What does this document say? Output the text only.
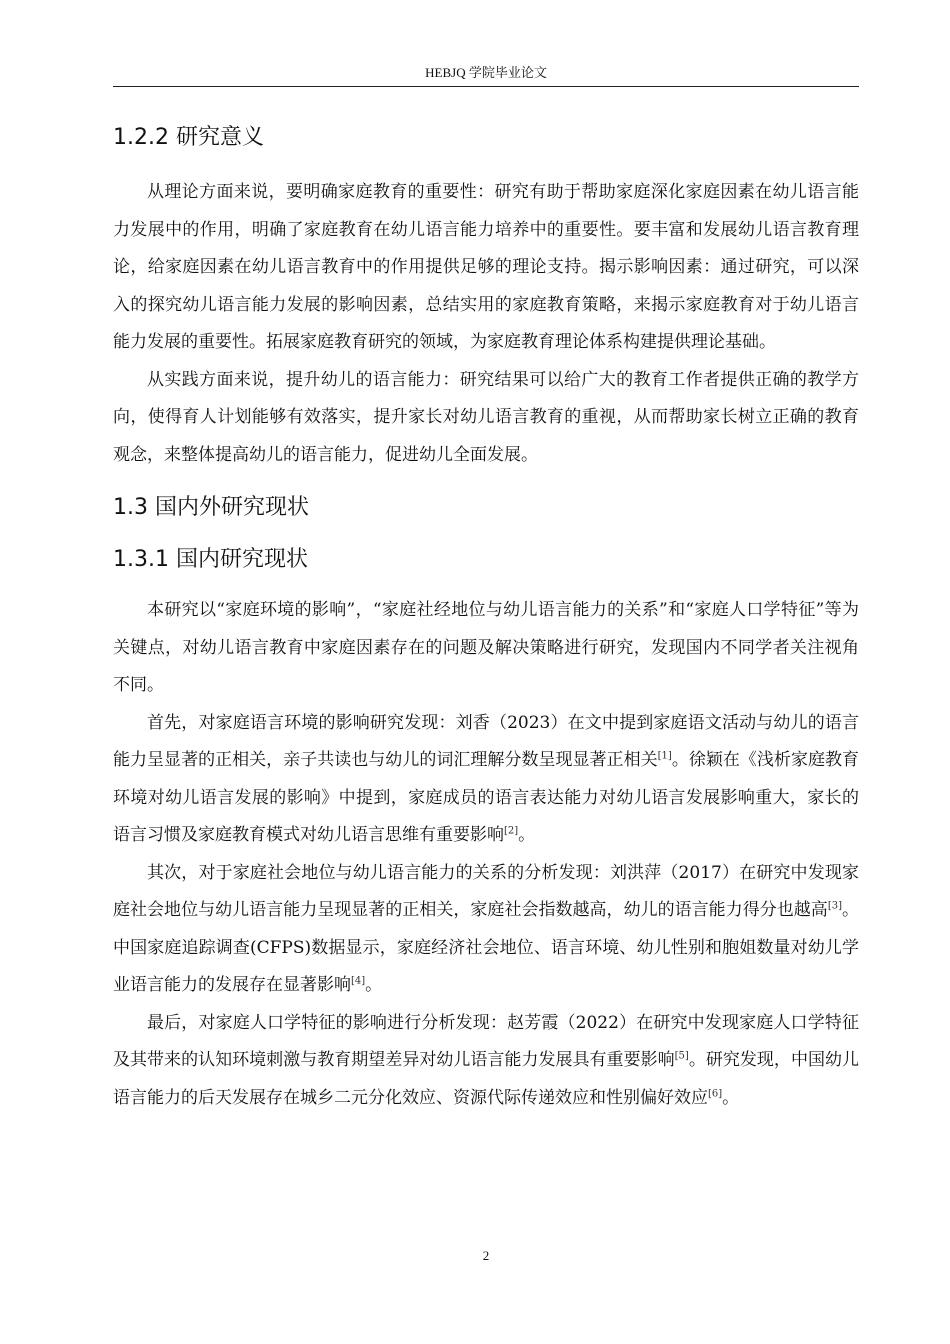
HEBJQ 学院毕业论文
1.2.2 研究意义

从理论方面来说，要明确家庭教育的重要性：研究有助于帮助家庭深化家庭因素在幼儿语言能力发展中的作用，明确了家庭教育在幼儿语言能力培养中的重要性。要丰富和发展幼儿语言教育理论，给家庭因素在幼儿语言教育中的作用提供足够的理论支持。揭示影响因素：通过研究，可以深入的探究幼儿语言能力发展的影响因素，总结实用的家庭教育策略，来揭示家庭教育对于幼儿语言能力发展的重要性。拓展家庭教育研究的领域，为家庭教育理论体系构建提供理论基础。

从实践方面来说，提升幼儿的语言能力：研究结果可以给广大的教育工作者提供正确的教学方向，使得育人计划能够有效落实，提升家长对幼儿语言教育的重视，从而帮助家长树立正确的教育观念，来整体提高幼儿的语言能力，促进幼儿全面发展。

1.3 国内外研究现状
1.3.1 国内研究现状

本研究以“家庭环境的影响”，“家庭社经地位与幼儿语言能力的关系”和“家庭人口学特征”等为关键点，对幼儿语言教育中家庭因素存在的问题及解决策略进行研究，发现国内不同学者关注视角不同。

首先，对家庭语言环境的影响研究发现：刘香（2023）在文中提到家庭语文活动与幼儿的语言能力呈显著的正相关，亲子共读也与幼儿的词汇理解分数呈现显著正相关[1]。徐颖在《浅析家庭教育环境对幼儿语言发展的影响》中提到，家庭成员的语言表达能力对幼儿语言发展影响重大，家长的语言习惯及家庭教育模式对幼儿语言思维有重要影响[2]。

其次，对于家庭社会地位与幼儿语言能力的关系的分析发现：刘洪萍（2017）在研究中发现家庭社会地位与幼儿语言能力呈现显著的正相关，家庭社会指数越高，幼儿的语言能力得分也越高[3]。中国家庭追踪调查(CFPS)数据显示，家庭经济社会地位、语言环境、幼儿性别和胞姐数量对幼儿学业语言能力的发展存在显著影响[4]。

最后，对家庭人口学特征的影响进行分析发现：赵芳霞（2022）在研究中发现家庭人口学特征及其带来的认知环境刺激与教育期望差异对幼儿语言能力发展具有重要影响[5]。研究发现，中国幼儿语言能力的后天发展存在城乡二元分化效应、资源代际传递效应和性别偏好效应[6]。

2
